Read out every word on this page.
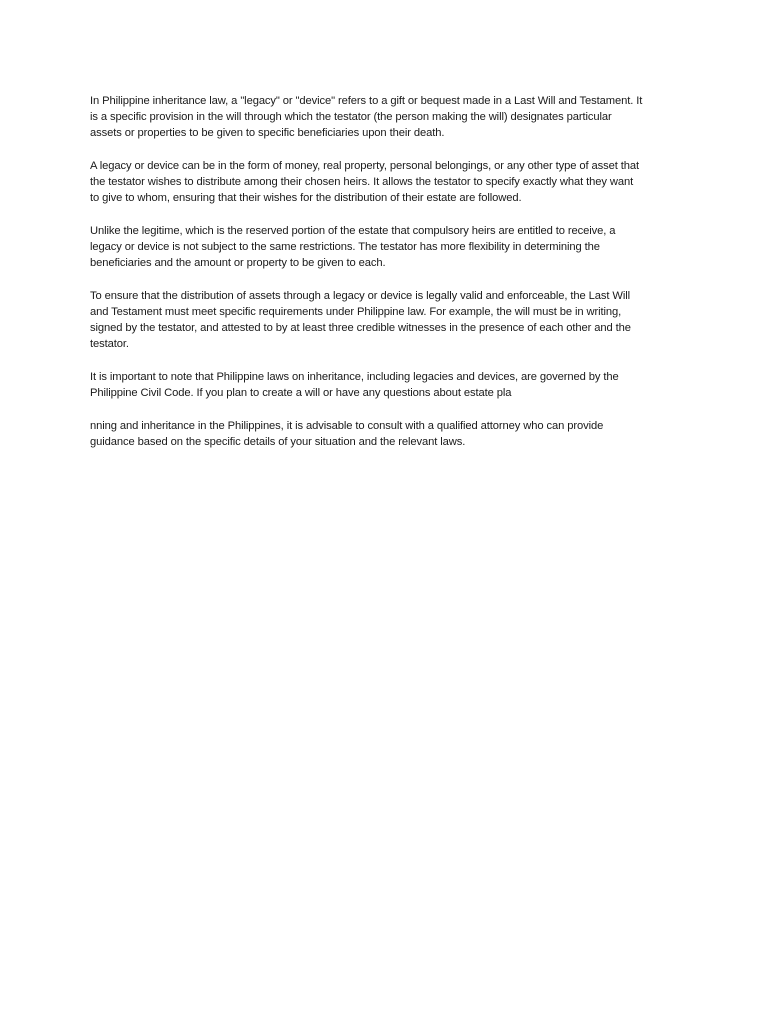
In Philippine inheritance law, a "legacy" or "device" refers to a gift or bequest made in a Last Will and Testament. It
is a specific provision in the will through which the testator (the person making the will) designates particular
assets or properties to be given to specific beneficiaries upon their death.

A legacy or device can be in the form of money, real property, personal belongings, or any other type of asset that
the testator wishes to distribute among their chosen heirs. It allows the testator to specify exactly what they want
to give to whom, ensuring that their wishes for the distribution of their estate are followed.

Unlike the legitime, which is the reserved portion of the estate that compulsory heirs are entitled to receive, a
legacy or device is not subject to the same restrictions. The testator has more flexibility in determining the
beneficiaries and the amount or property to be given to each.

To ensure that the distribution of assets through a legacy or device is legally valid and enforceable, the Last Will
and Testament must meet specific requirements under Philippine law. For example, the will must be in writing,
signed by the testator, and attested to by at least three credible witnesses in the presence of each other and the
testator.

It is important to note that Philippine laws on inheritance, including legacies and devices, are governed by the
Philippine Civil Code. If you plan to create a will or have any questions about estate pla

nning and inheritance in the Philippines, it is advisable to consult with a qualified attorney who can provide
guidance based on the specific details of your situation and the relevant laws.
